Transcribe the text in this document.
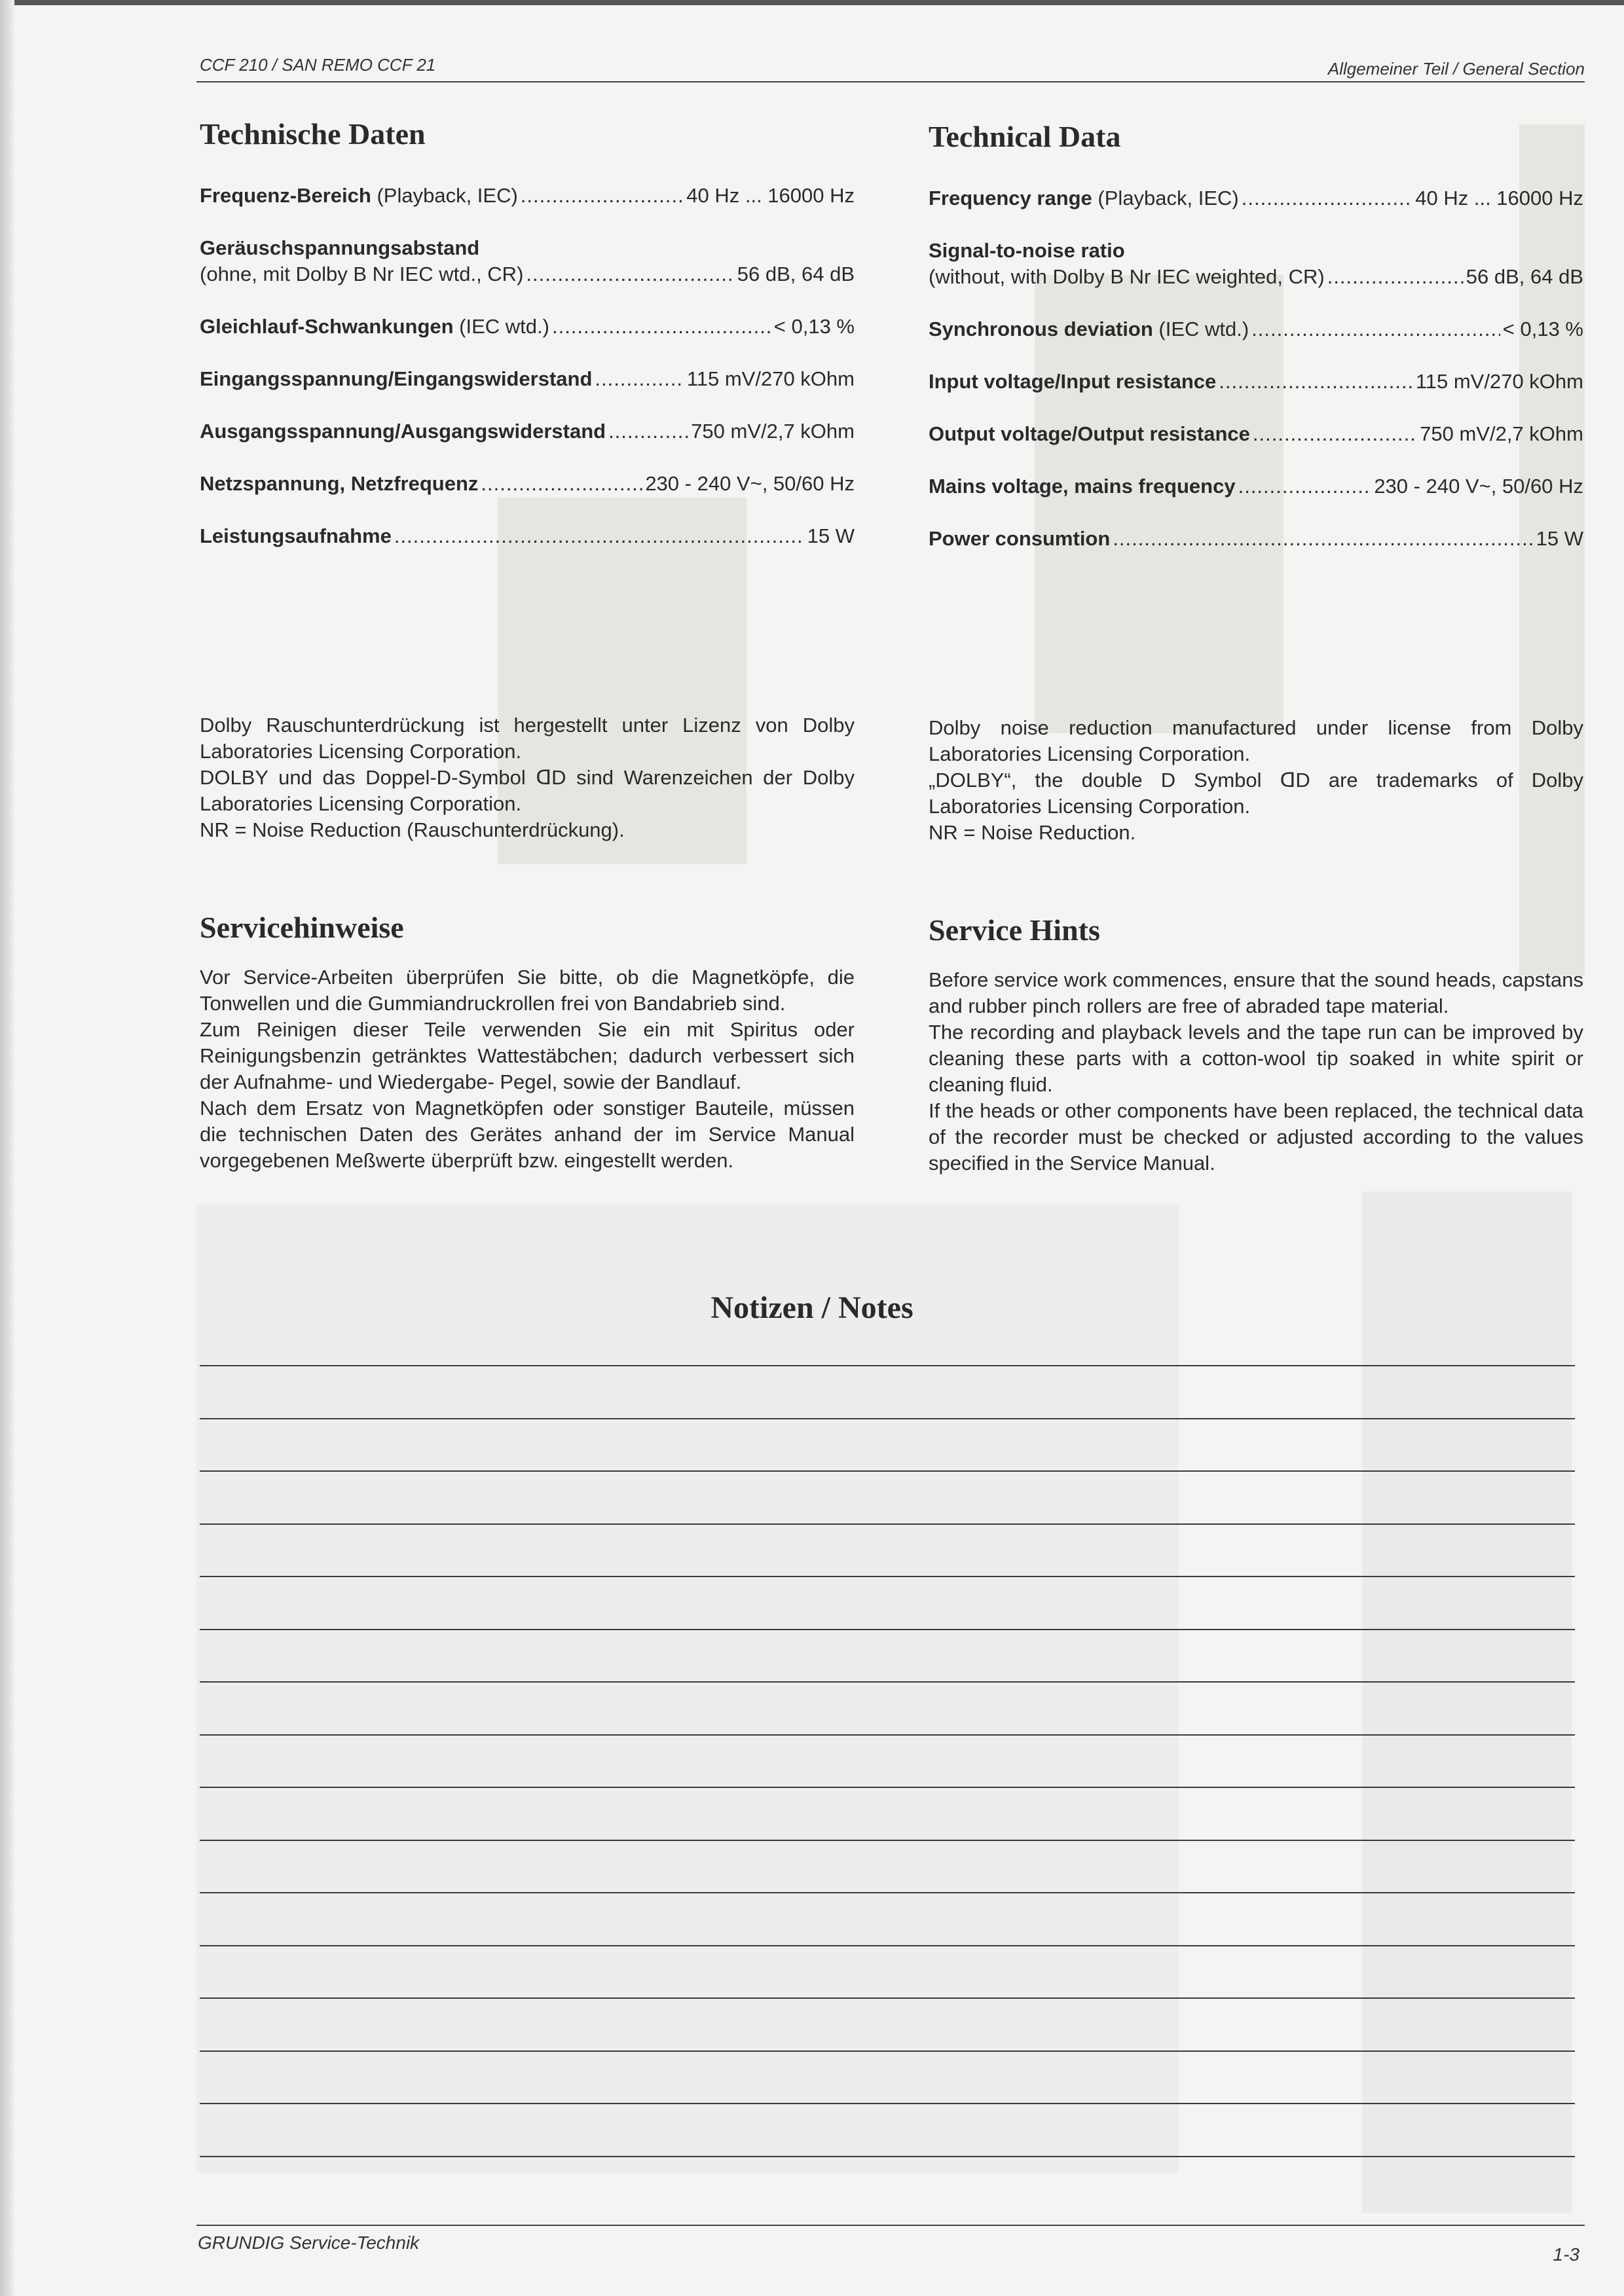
CCF 210 / SAN REMO CCF 21	Allgemeiner Teil / General Section
Technische Daten
Frequenz-Bereich (Playback, IEC) .....	40 Hz ... 16000 Hz
Geräuschspannungsabstand
(ohne, mit Dolby B Nr IEC wtd., CR) .....	56 dB, 64 dB
Gleichlauf-Schwankungen (IEC wtd.) .....	< 0,13 %
Eingangsspannung/Eingangswiderstand .....	115 mV/270 kOhm
Ausgangsspannung/Ausgangswiderstand .....	750 mV/2,7 kOhm
Netzspannung, Netzfrequenz .....	230 - 240 V~, 50/60 Hz
Leistungsaufnahme .....	15 W
Technical Data
Frequency range (Playback, IEC) .....	40 Hz ... 16000 Hz
Signal-to-noise ratio
(without, with Dolby B Nr IEC weighted, CR) .....	56 dB, 64 dB
Synchronous deviation (IEC wtd.) .....	< 0,13 %
Input voltage/Input resistance .....	115 mV/270 kOhm
Output voltage/Output resistance .....	750 mV/2,7 kOhm
Mains voltage, mains frequency .....	230 - 240 V~, 50/60 Hz
Power consumtion .....	15 W

Dolby Rauschunterdrückung ist hergestellt unter Lizenz von Dolby Laboratories Licensing Corporation.

DOLBY und das Doppel-D-Symbol ᗡD sind Warenzeichen der Dolby Laboratories Licensing Corporation.

NR = Noise Reduction (Rauschunterdrückung).

Dolby noise reduction manufactured under license from Dolby Laboratories Licensing Corporation.

„DOLBY“, the double D Symbol ᗡD are trademarks of Dolby Laboratories Licensing Corporation.

NR = Noise Reduction.

Servicehinweise

Vor Service-Arbeiten überprüfen Sie bitte, ob die Magnetköpfe, die Tonwellen und die Gummiandruckrollen frei von Bandabrieb sind.

Zum Reinigen dieser Teile verwenden Sie ein mit Spiritus oder Reinigungsbenzin getränktes Wattestäbchen; dadurch verbessert sich der Aufnahme- und Wiedergabe- Pegel, sowie der Bandlauf.

Nach dem Ersatz von Magnetköpfen oder sonstiger Bauteile, müssen die technischen Daten des Gerätes anhand der im Service Manual vorgegebenen Meßwerte überprüft bzw. eingestellt werden.

Service Hints

Before service work commences, ensure that the sound heads, capstans and rubber pinch rollers are free of abraded tape material.

The recording and playback levels and the tape run can be improved by cleaning these parts with a cotton-wool tip soaked in white spirit or cleaning fluid.

If the heads or other components have been replaced, the technical data of the recorder must be checked or adjusted according to the values specified in the Service Manual.

Notizen / Notes
GRUNDIG Service-Technik
1-3
